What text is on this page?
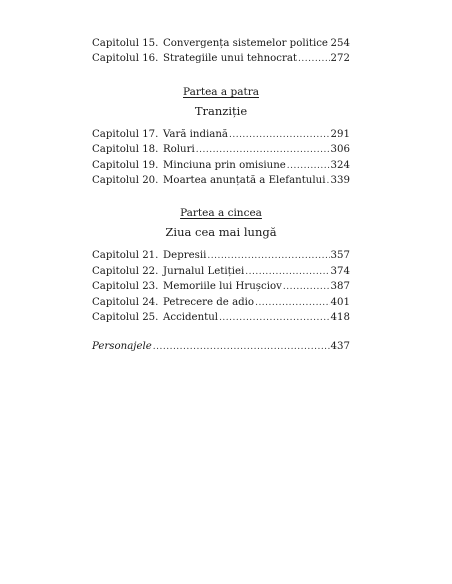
Capitolul 15. Convergența sistemelor politice ..... 254
Capitolul 16. Strategiile unui tehnocrat .....	272
Partea a patra
Tranziție
Capitolul 17. Vară indiană .....	291
Capitolul 18. Roluri .....	306
Capitolul 19. Minciuna prin omisiune .....	324
Capitolul 20. Moartea anunțată a Elefantului ..... 339
Partea a cincea
Ziua cea mai lungă
Capitolul 21. Depresii .....	357
Capitolul 22. Jurnalul Letiției .....	374
Capitolul 23. Memoriile lui Hrușciov .....	387
Capitolul 24. Petrecere de adio .....	401
Capitolul 25. Accidentul .....	418
Personajele .....	437
